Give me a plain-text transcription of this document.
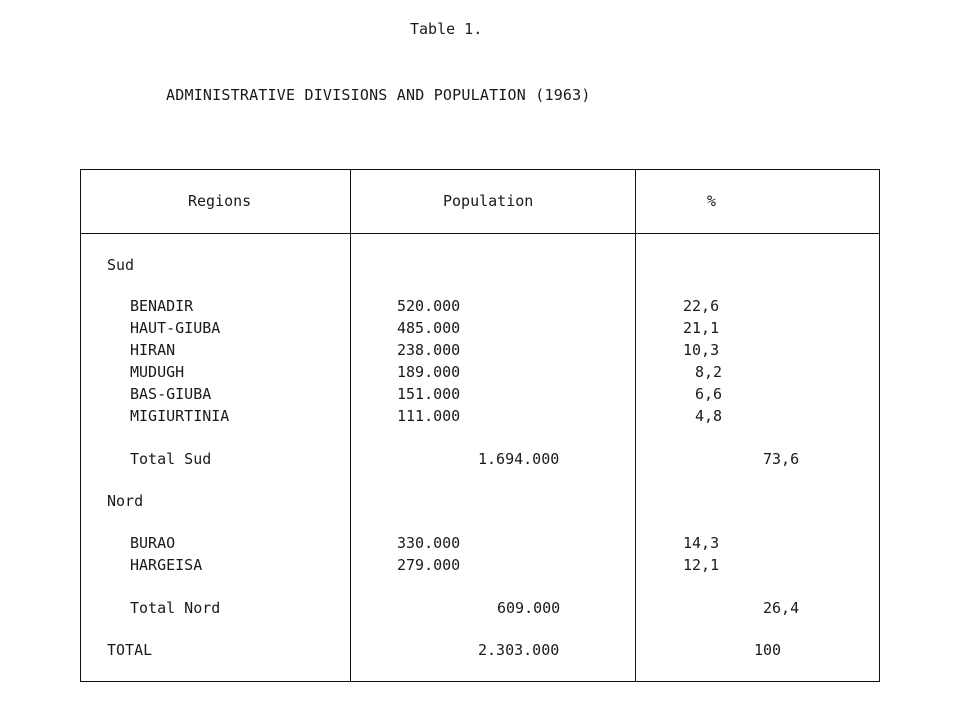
Table 1.
ADMINISTRATIVE DIVISIONS AND POPULATION (1963)
Regions	Population	%
Sud
BENADIR	520.000	22,6
HAUT-GIUBA	485.000	21,1
HIRAN	238.000	10,3
MUDUGH	189.000	8,2
BAS-GIUBA	151.000	6,6
MIGIURTINIA	111.000	4,8
Total Sud	1.694.000	73,6
Nord
BURAO	330.000	14,3
HARGEISA	279.000	12,1
Total Nord	609.000	26,4
TOTAL	2.303.000	100
